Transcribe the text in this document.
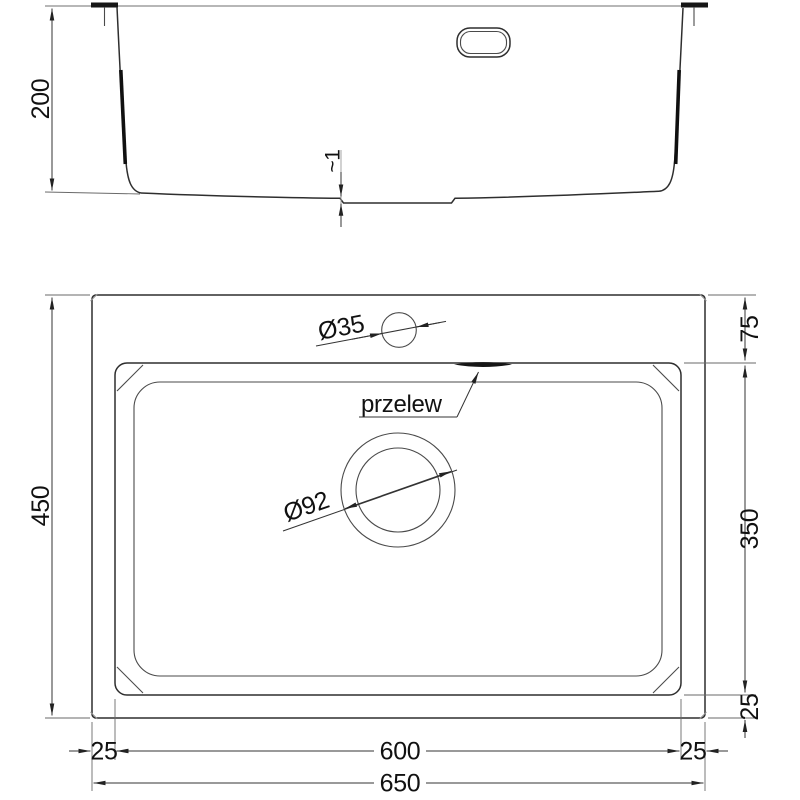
200
~1
Ø35
przelew
Ø92
450
75
350
25
25	600	25
650
